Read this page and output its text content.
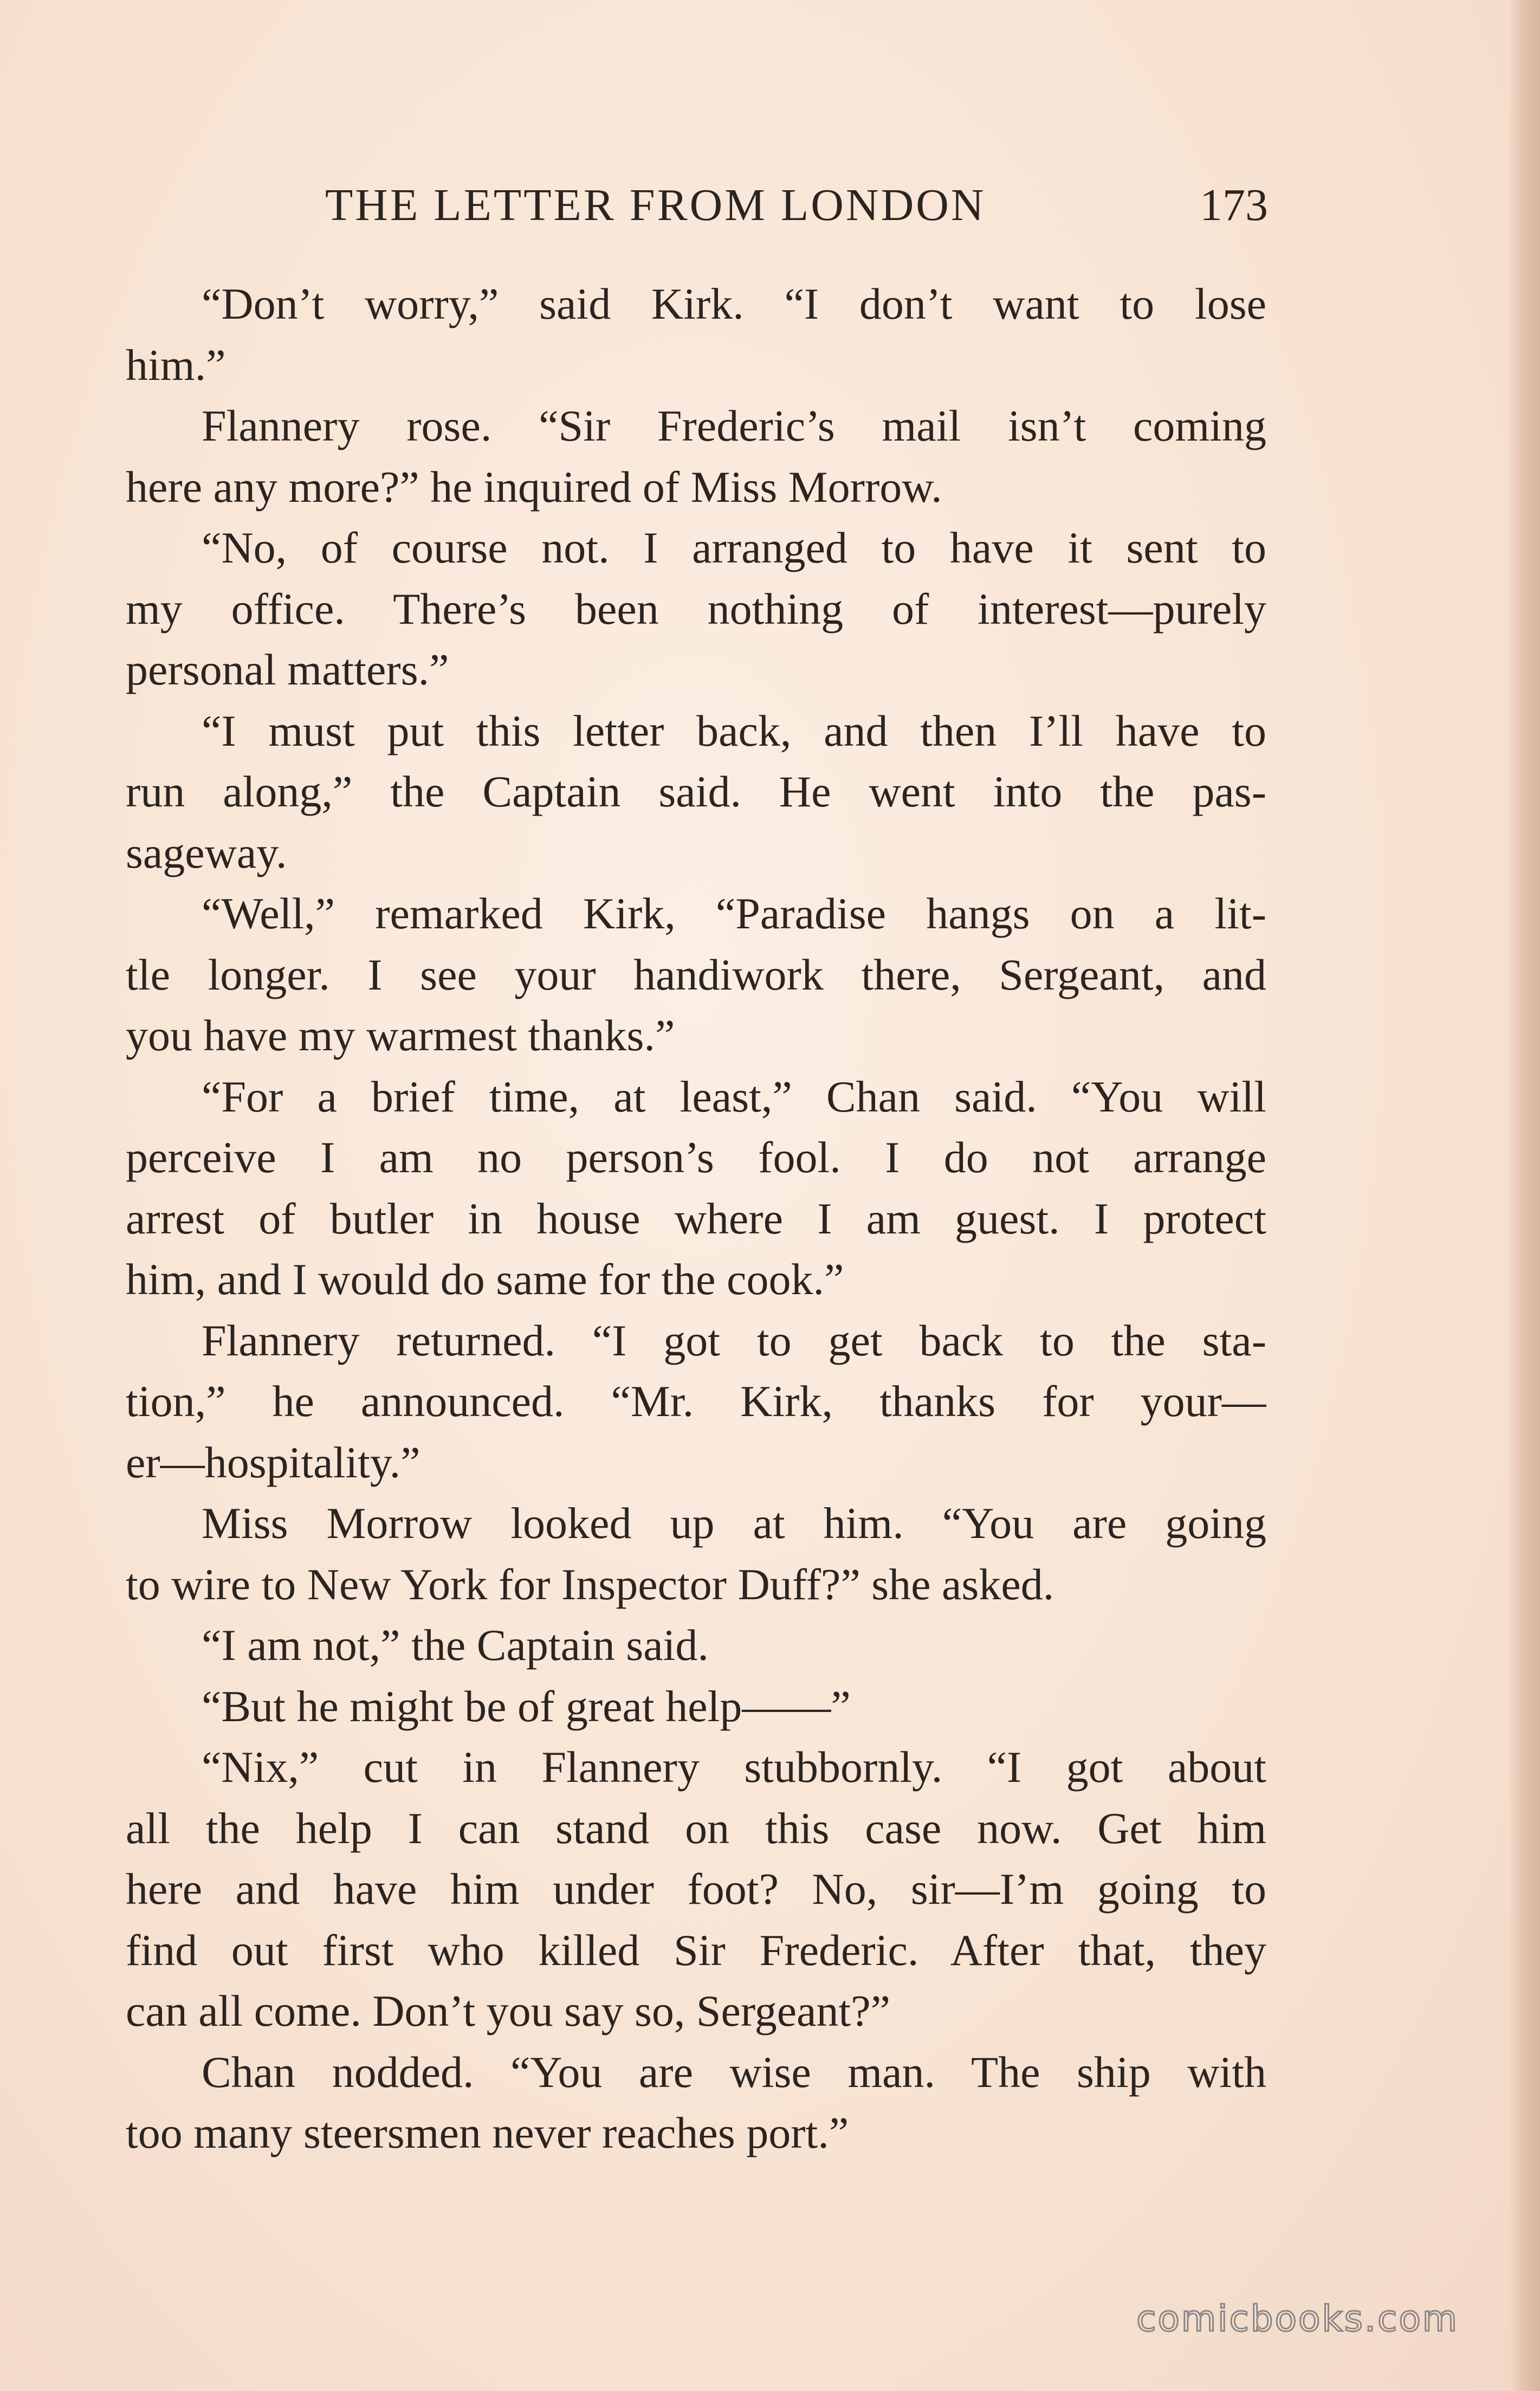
THE LETTER FROM LONDON	173
“Don’t worry,” said Kirk. “I don’t want to lose
him.”
Flannery rose. “Sir Frederic’s mail isn’t coming
here any more?” he inquired of Miss Morrow.
“No, of course not. I arranged to have it sent to
my office. There’s been nothing of interest—purely
personal matters.”
“I must put this letter back, and then I’ll have to
run along,” the Captain said. He went into the pas-
sageway.
“Well,” remarked Kirk, “Paradise hangs on a lit-
tle longer. I see your handiwork there, Sergeant, and
you have my warmest thanks.”
“For a brief time, at least,” Chan said. “You will
perceive I am no person’s fool. I do not arrange
arrest of butler in house where I am guest. I protect
him, and I would do same for the cook.”
Flannery returned. “I got to get back to the sta-
tion,” he announced. “Mr. Kirk, thanks for your—
er—hospitality.”
Miss Morrow looked up at him. “You are going
to wire to New York for Inspector Duff?” she asked.
“I am not,” the Captain said.
“But he might be of great help——”
“Nix,” cut in Flannery stubbornly. “I got about
all the help I can stand on this case now. Get him
here and have him under foot? No, sir—I’m going to
find out first who killed Sir Frederic. After that, they
can all come. Don’t you say so, Sergeant?”
Chan nodded. “You are wise man. The ship with
too many steersmen never reaches port.”
comicbooks.com
